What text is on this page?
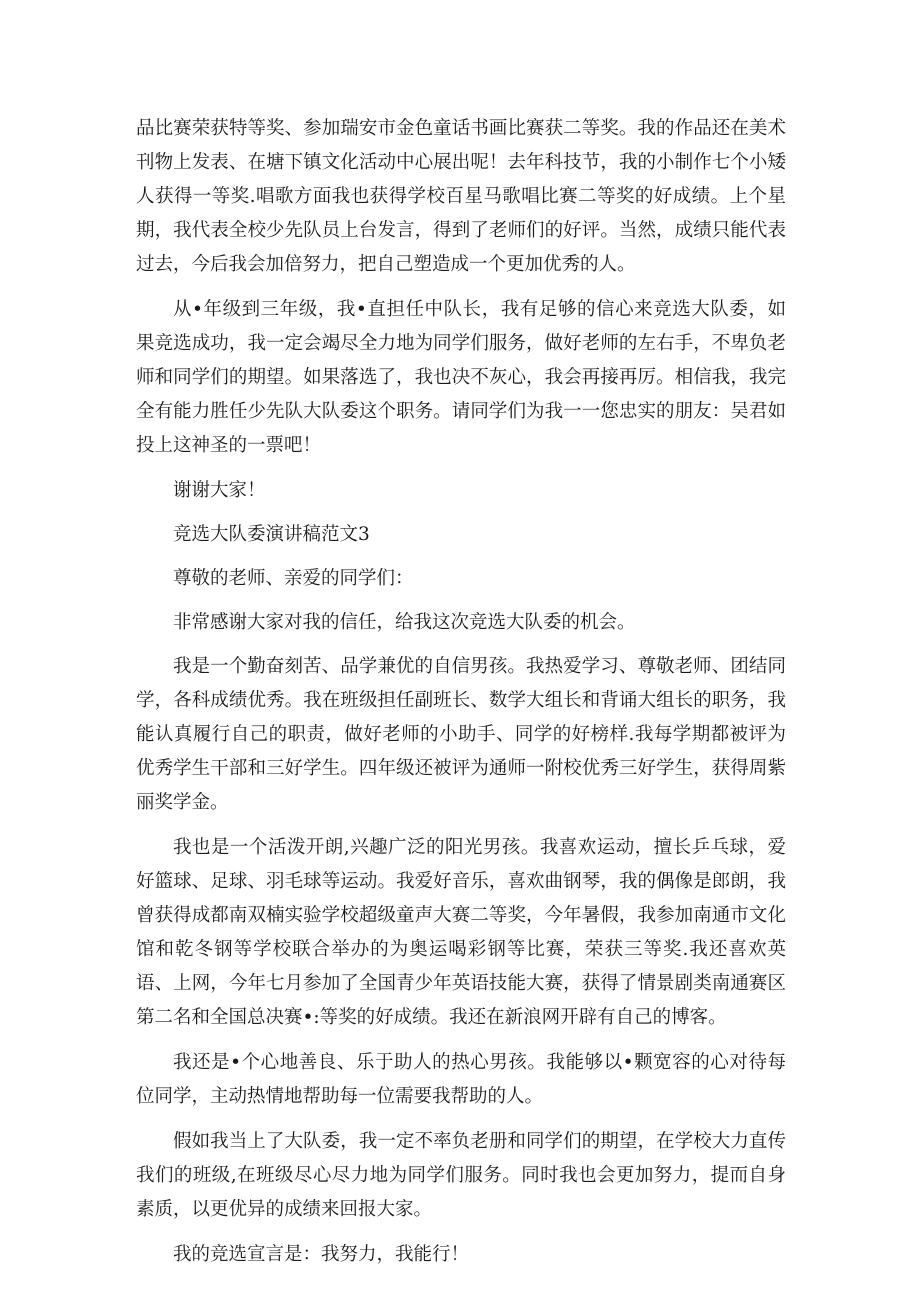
品比赛荣获特等奖、参加瑞安市金色童话书画比赛获二等奖。我的作品还在美术刊物上发表、在塘下镇文化活动中心展出呢！去年科技节，我的小制作七个小矮人获得一等奖.唱歌方面我也获得学校百星马歌唱比赛二等奖的好成绩。上个星期，我代表全校少先队员上台发言，得到了老师们的好评。当然，成绩只能代表过去，今后我会加倍努力，把自己塑造成一个更加优秀的人。

从•年级到三年级，我•直担任中队长，我有足够的信心来竞选大队委，如果竞选成功，我一定会竭尽全力地为同学们服务，做好老师的左右手，不卑负老师和同学们的期望。如果落选了，我也决不灰心，我会再接再厉。相信我，我完全有能力胜任少先队大队委这个职务。请同学们为我一一您忠实的朋友：吴君如投上这神圣的一票吧！

谢谢大家！

竞选大队委演讲稿范文3

尊敬的老师、亲爱的同学们：

非常感谢大家对我的信任，给我这次竞选大队委的机会。

我是一个勤奋刻苦、品学兼优的自信男孩。我热爱学习、尊敬老师、团结同学，各科成绩优秀。我在班级担任副班长、数学大组长和背诵大组长的职务，我能认真履行自己的职责，做好老师的小助手、同学的好榜样.我每学期都被评为优秀学生干部和三好学生。四年级还被评为通师一附校优秀三好学生，获得周紫丽奖学金。

我也是一个活泼开朗,兴趣广泛的阳光男孩。我喜欢运动，擅长乒乓球，爱好篮球、足球、羽毛球等运动。我爱好音乐，喜欢曲钢琴，我的偶像是郎朗，我曾获得成都南双楠实验学校超级童声大赛二等奖，今年暑假，我参加南通市文化馆和乾冬钢等学校联合举办的为奥运喝彩钢等比赛，荣获三等奖.我还喜欢英语、上网，今年七月参加了全国青少年英语技能大赛，获得了情景剧类南通赛区第二名和全国总决赛•:等奖的好成绩。我还在新浪网开辟有自己的博客。

我还是•个心地善良、乐于助人的热心男孩。我能够以•颗宽容的心对待每位同学，主动热情地帮助每一位需要我帮助的人。

假如我当上了大队委，我一定不率负老册和同学们的期望，在学校大力直传我们的班级,在班级尽心尽力地为同学们服务。同时我也会更加努力，提而自身素质，以更优异的成绩来回报大家。

我的竞选宣言是：我努力，我能行！
